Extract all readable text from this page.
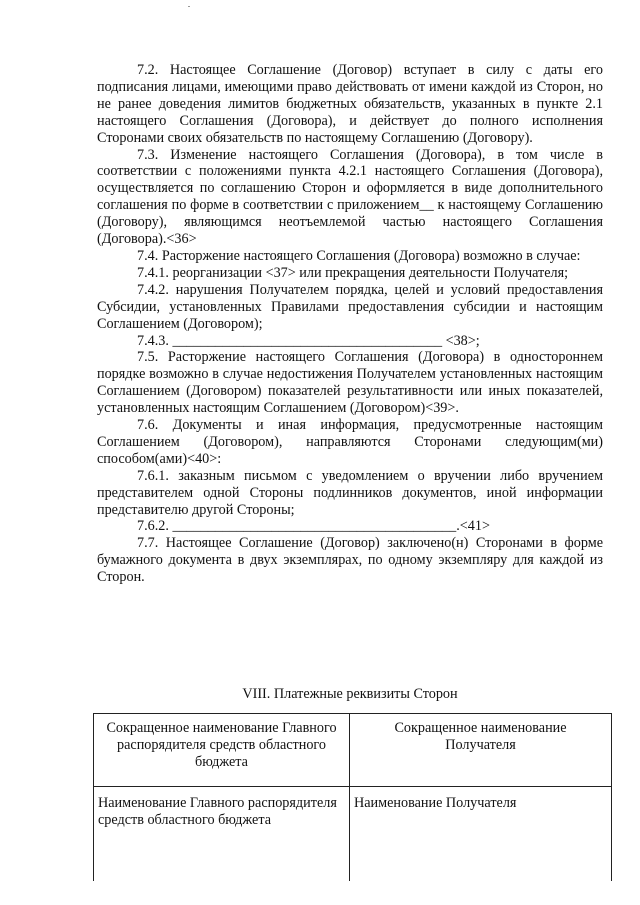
7.2. Настоящее Соглашение (Договор) вступает в силу с даты его подписания лицами, имеющими право действовать от имени каждой из Сторон, но не ранее доведения лимитов бюджетных обязательств, указанных в пункте 2.1 настоящего Соглашения (Договора), и действует до полного исполнения Сторонами своих обязательств по настоящему Соглашению (Договору).

7.3. Изменение настоящего Соглашения (Договора), в том числе в соответствии с положениями пункта 4.2.1 настоящего Соглашения (Договора), осуществляется по соглашению Сторон и оформляется в виде дополнительного соглашения по форме в соответствии с приложением__ к настоящему Соглашению (Договору), являющимся неотъемлемой частью настоящего Соглашения (Договора).<36>

7.4. Расторжение настоящего Соглашения (Договора) возможно в случае:

7.4.1. реорганизации <37> или прекращения деятельности Получателя;

7.4.2. нарушения Получателем порядка, целей и условий предоставления Субсидии, установленных Правилами предоставления субсидии и настоящим Соглашением (Договором);

7.4.3. ______________________________________ <38>;

7.5. Расторжение настоящего Соглашения (Договора) в одностороннем порядке возможно в случае недостижения Получателем установленных настоящим Соглашением (Договором) показателей результативности или иных показателей, установленных настоящим Соглашением (Договором)<39>.

7.6. Документы и иная информация, предусмотренные настоящим Соглашением (Договором), направляются Сторонами следующим(ми) способом(ами)<40>:

7.6.1. заказным письмом с уведомлением о вручении либо вручением представителем одной Стороны подлинников документов, иной информации представителю другой Стороны;

7.6.2. ________________________________________.<41>

7.7. Настоящее Соглашение (Договор) заключено(н) Сторонами в форме бумажного документа в двух экземплярах, по одному экземпляру для каждой из Сторон.

VIII. Платежные реквизиты Сторон
Сокращенное наименование Главного распорядителя средств областного бюджета	Сокращенное наименование Получателя
Наименование Главного распорядителя средств областного бюджета	Наименование Получателя
